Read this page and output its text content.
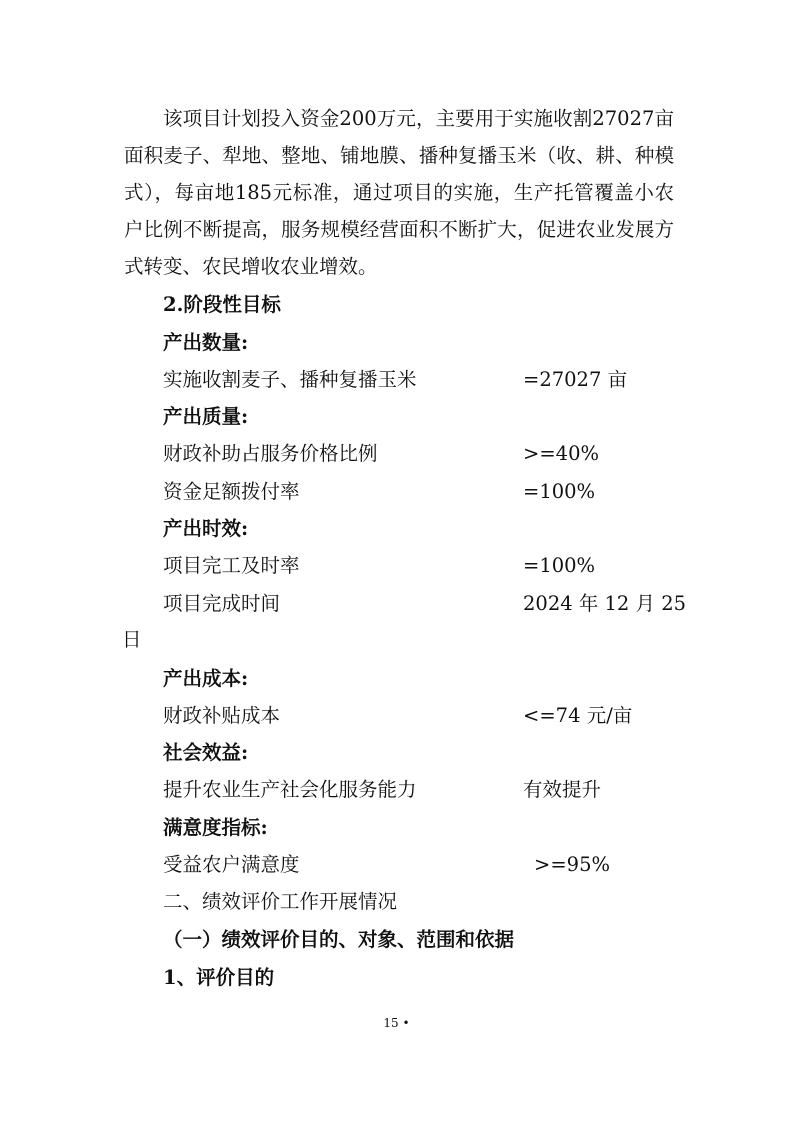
该项目计划投入资金200万元，主要用于实施收割27027亩面积麦子、犁地、整地、铺地膜、播种复播玉米（收、耕、种模式），每亩地185元标准，通过项目的实施，生产托管覆盖小农户比例不断提高，服务规模经营面积不断扩大，促进农业发展方式转变、农民增收农业增效。
2.阶段性目标
产出数量:
实施收割麦子、播种复播玉米	=27027 亩
产出质量:
财政补助占服务价格比例	>=40%
资金足额拨付率	=100%
产出时效:
项目完工及时率	=100%
项目完成时间	2024 年 12 月 25
日
产出成本:
财政补贴成本	<=74 元/亩
社会效益:
提升农业生产社会化服务能力	有效提升
满意度指标:
受益农户满意度	>=95%
二、绩效评价工作开展情况
（一）绩效评价目的、对象、范围和依据
1、评价目的
15 •
